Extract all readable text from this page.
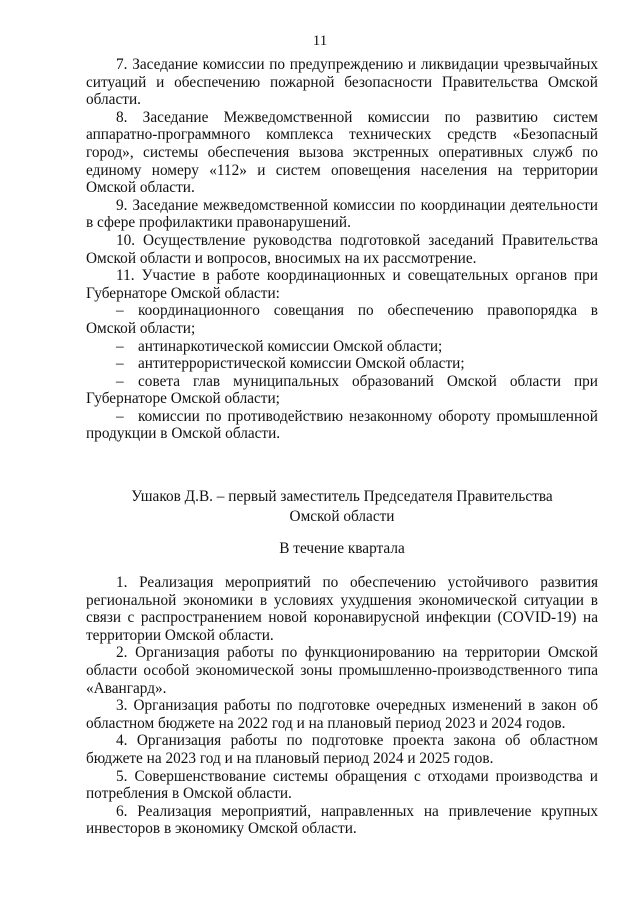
11

7. Заседание комиссии по предупреждению и ликвидации чрезвычайных ситуаций и обеспечению пожарной безопасности Правительства Омской области.

8. Заседание Межведомственной комиссии по развитию систем аппаратно-программного комплекса технических средств «Безопасный город», системы обеспечения вызова экстренных оперативных служб по единому номеру «112» и систем оповещения населения на территории Омской области.

9. Заседание межведомственной комиссии по координации деятельности в сфере профилактики правонарушений.

10. Осуществление руководства подготовкой заседаний Правительства Омской области и вопросов, вносимых на их рассмотрение.

11. Участие в работе координационных и совещательных органов при Губернаторе Омской области:

– координационного совещания по обеспечению правопорядка в Омской области;

– антинаркотической комиссии Омской области;

– антитеррористической комиссии Омской области;

– совета глав муниципальных образований Омской области при Губернаторе Омской области;

– комиссии по противодействию незаконному обороту промышленной продукции в Омской области.

Ушаков Д.В. – первый заместитель Председателя Правительства
Омской области
В течение квартала

1. Реализация мероприятий по обеспечению устойчивого развития региональной экономики в условиях ухудшения экономической ситуации в связи с распространением новой коронавирусной инфекции (COVID-19) на территории Омской области.

2. Организация работы по функционированию на территории Омской области особой экономической зоны промышленно-производственного типа «Авангард».

3. Организация работы по подготовке очередных изменений в закон об областном бюджете на 2022 год и на плановый период 2023 и 2024 годов.

4. Организация работы по подготовке проекта закона об областном бюджете на 2023 год и на плановый период 2024 и 2025 годов.

5. Совершенствование системы обращения с отходами производства и потребления в Омской области.

6. Реализация мероприятий, направленных на привлечение крупных инвесторов в экономику Омской области.
